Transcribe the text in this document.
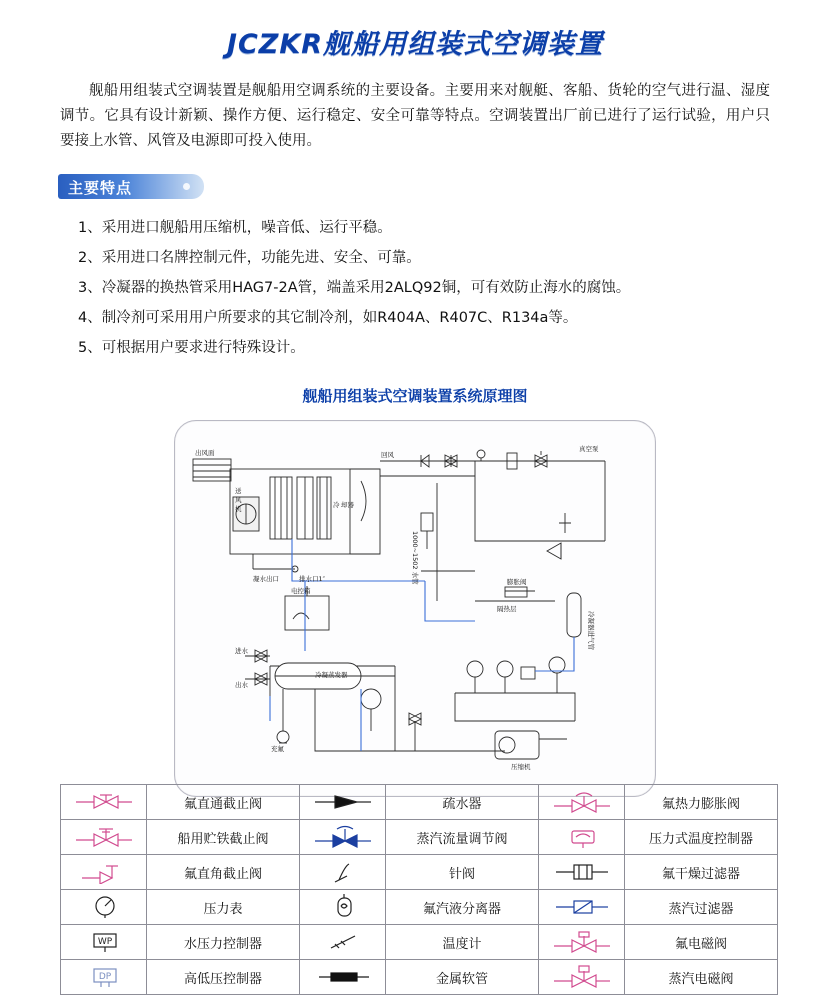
JCZKR舰船用组装式空调装置

舰船用组装式空调装置是舰船用空调系统的主要设备。主要用来对舰艇、客船、货轮的空气进行温、湿度调节。它具有设计新颖、操作方便、运行稳定、安全可靠等特点。空调装置出厂前已进行了运行试验，用户只要接上水管、风管及电源即可投入使用。

主要特点
1、采用进口舰船用压缩机，噪音低、运行平稳。
2、采用进口名牌控制元件，功能先进、安全、可靠。
3、冷凝器的换热管采用HAG7-2A管，端盖采用2ALQ92铜，可有效防止海水的腐蚀。
4、制冷剂可采用用户所要求的其它制冷剂，如R404A、R407C、R134a等。
5、可根据用户要求进行特殊设计。
舰船用组装式空调装置系统原理图
出风面
送
风
机
回风
冷 却器
凝水出口	排水口1″
电控箱
隔热层
膨胀阀
冷凝蒸发器
进水
出水
充氟
压缩机
真空泵
1000~1502 水管
冷凝器进气管
	氟直通截止阀		疏水器		氟热力膨胀阀

	船用贮铁截止阀		蒸汽流量调节阀		压力式温度控制器

	氟直角截止阀		针阀		氟干燥过滤器

	压力表		氟汽液分离器		蒸汽过滤器

WP	水压力控制器		温度计		氟电磁阀

DP	高低压控制器		金属软管		蒸汽电磁阀
